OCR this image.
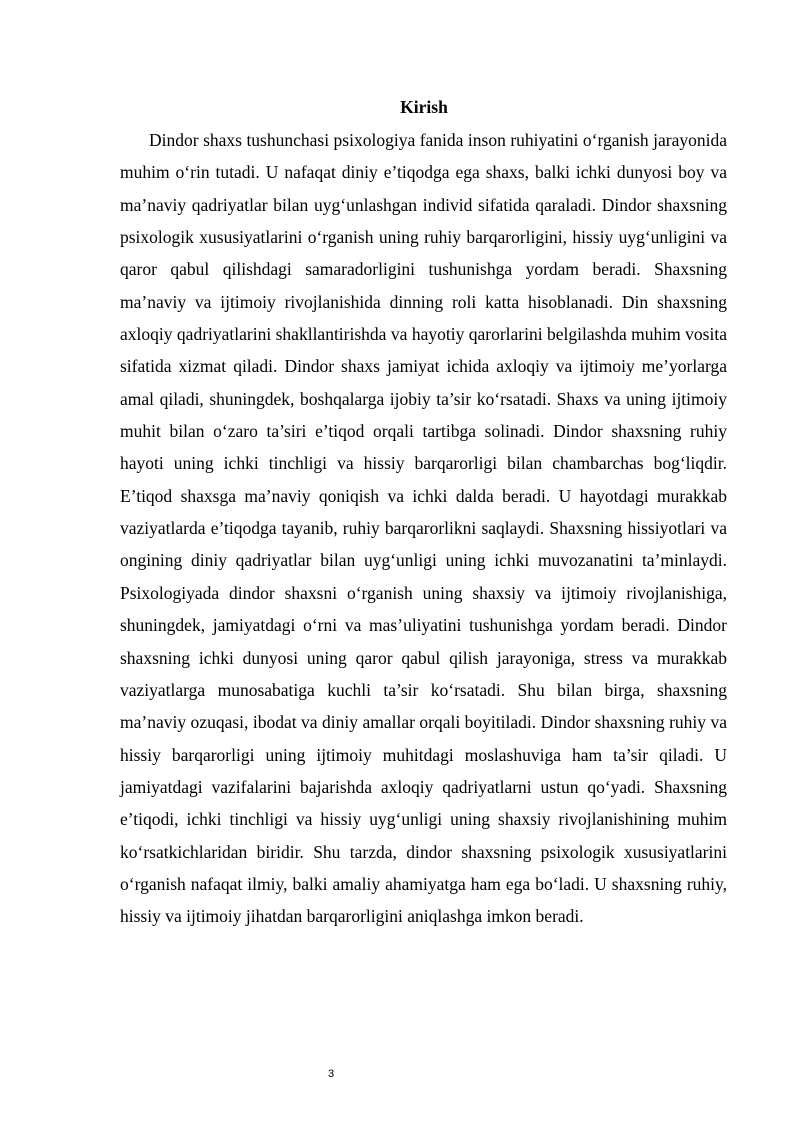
Kirish

Dindor shaxs tushunchasi psixologiya fanida inson ruhiyatini o‘rganish jarayonida muhim o‘rin tutadi. U nafaqat diniy e’tiqodga ega shaxs, balki ichki dunyosi boy va ma’naviy qadriyatlar bilan uyg‘unlashgan individ sifatida qaraladi. Dindor shaxsning psixologik xususiyatlarini o‘rganish uning ruhiy barqarorligini, hissiy uyg‘unligini va qaror qabul qilishdagi samaradorligini tushunishga yordam beradi. Shaxsning ma’naviy va ijtimoiy rivojlanishida dinning roli katta hisoblanadi. Din shaxsning axloqiy qadriyatlarini shakllantirishda va hayotiy qarorlarini belgilashda muhim vosita sifatida xizmat qiladi. Dindor shaxs jamiyat ichida axloqiy va ijtimoiy me’yorlarga amal qiladi, shuningdek, boshqalarga ijobiy ta’sir ko‘rsatadi. Shaxs va uning ijtimoiy muhit bilan o‘zaro ta’siri e’tiqod orqali tartibga solinadi. Dindor shaxsning ruhiy hayoti uning ichki tinchligi va hissiy barqarorligi bilan chambarchas bog‘liqdir. E’tiqod shaxsga ma’naviy qoniqish va ichki dalda beradi. U hayotdagi murakkab vaziyatlarda e’tiqodga tayanib, ruhiy barqarorlikni saqlaydi. Shaxsning hissiyotlari va ongining diniy qadriyatlar bilan uyg‘unligi uning ichki muvozanatini ta’minlaydi. Psixologiyada dindor shaxsni o‘rganish uning shaxsiy va ijtimoiy rivojlanishiga, shuningdek, jamiyatdagi o‘rni va mas’uliyatini tushunishga yordam beradi. Dindor shaxsning ichki dunyosi uning qaror qabul qilish jarayoniga, stress va murakkab vaziyatlarga munosabatiga kuchli ta’sir ko‘rsatadi. Shu bilan birga, shaxsning ma’naviy ozuqasi, ibodat va diniy amallar orqali boyitiladi. Dindor shaxsning ruhiy va hissiy barqarorligi uning ijtimoiy muhitdagi moslashuviga ham ta’sir qiladi. U jamiyatdagi vazifalarini bajarishda axloqiy qadriyatlarni ustun qo‘yadi. Shaxsning e’tiqodi, ichki tinchligi va hissiy uyg‘unligi uning shaxsiy rivojlanishining muhim ko‘rsatkichlaridan biridir. Shu tarzda, dindor shaxsning psixologik xususiyatlarini o‘rganish nafaqat ilmiy, balki amaliy ahamiyatga ham ega bo‘ladi. U shaxsning ruhiy, hissiy va ijtimoiy jihatdan barqarorligini aniqlashga imkon beradi.

3
